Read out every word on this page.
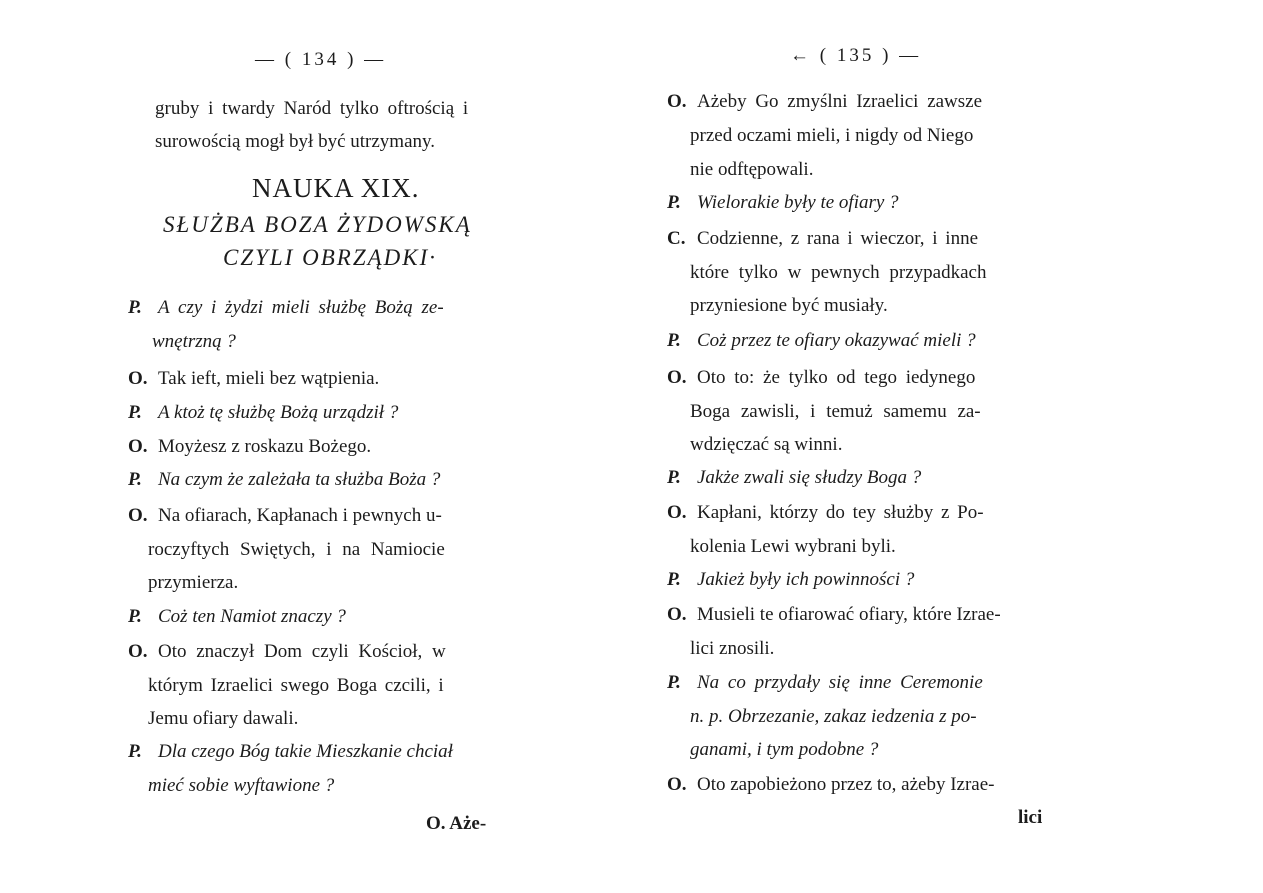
— ( 134 ) —
gruby i twardy Naród tylko oftrością i
surowością mogł był być utrzymany.
NAUKA XIX.
SŁUŻBA BOZA ŻYDOWSKĄ
CZYLI OBRZĄDKI·
P. A czy i żydzi mieli służbę Bożą ze-
wnętrzną ?
O. Tak ieft, mieli bez wątpienia.
P. A ktoż tę służbę Bożą urządził ?
O. Moyżesz z roskazu Bożego.
P. Na czym że zależała ta służba Boża ?
O. Na ofiarach, Kapłanach i pewnych u-
roczyftych Swiętych, i na Namiocie
przymierza.
P. Coż ten Namiot znaczy ?
O. Oto znaczył Dom czyli Kościoł, w
którym Izraelici swego Boga czcili, i
Jemu ofiary dawali.
P. Dla czego Bóg takie Mieszkanie chciał
mieć sobie wyftawione ?
O. Aże-
← ( 135 ) —
O. Ażeby Go zmyślni Izraelici zawsze
przed oczami mieli, i nigdy od Niego
nie odftępowali.
P. Wielorakie były te ofiary ?
C. Codzienne, z rana i wieczor, i inne
które tylko w pewnych przypadkach
przyniesione być musiały.
P. Coż przez te ofiary okazywać mieli ?
O. Oto to: że tylko od tego iedynego
Boga zawisli, i temuż samemu za-
wdzięczać są winni.
P. Jakże zwali się słudzy Boga ?
O. Kapłani, którzy do tey służby z Po-
kolenia Lewi wybrani byli.
P. Jakież były ich powinności ?
O. Musieli te ofiarować ofiary, które Izrae-
lici znosili.
P. Na co przydały się inne Ceremonie
n. p. Obrzezanie, zakaz iedzenia z po-
ganami, i tym podobne ?
O. Oto zapobieżono przez to, ażeby Izrae-
lici
